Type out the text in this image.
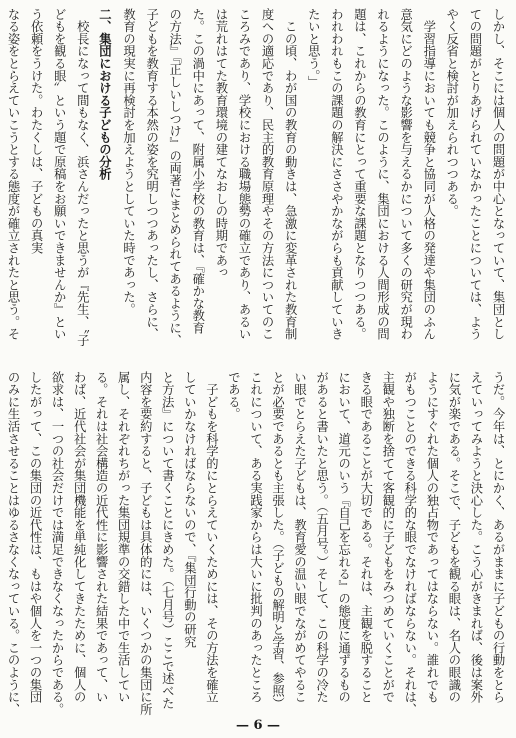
しかし、そこには個人の問題が中心となっていて、集団とし

ての問題がとりあげられていなかったことについては、よう

やく反省と検討が加えられつつある。

　学習指導においても競争と協同が人格の発達や集団のふん

意気にどのような影響を与えるかについて多くの研究が現わ

れるようになった。このように、集団における人間形成の問

題は、これからの教育にとって重要な課題となりつつある。

われわれもこの課題の解決にささやかながらも貢献していき

たいと思う。」

　この頃、わが国の教育の動きは、急激に変革された教育制

度への適応であり、民主的教育原理やその方法についてのこ

ころみであり、学校における職場態勢の確立であり、あるい

は荒れはてた教育環境の建てなおしの時期であっ

た。この渦中にあって、附属小学校の教育は、『確かな教育

の方法』『正しいしつけ』の両著にまとめられてあるように、

子どもを教育する本然の姿を究明しつつあったし、さらに、

教育の現実に再検討を加えようとしていた時であった。

二、集団における子どもの分析

　校長になって間もなく、浜さんだったと思うが『先生、〝子

どもを観る眼〟という題で原稿をお願いできませんか』とい

う依頼をうけた。わたくしは、子どもの真実

なる姿をとらえていこうとする態度が確立されたと思う。そ

うだ。今年は、とにかく、あるがままに子どもの行動をとら

えていってみようと決心した。こう心がきまれば、後は案外

に気が楽である。そこで、子どもを観る眼は、名人の眼識の

ようにすぐれた個人の独占物であってはならない。誰れでも

がもつことのできる科学的な眼でなければならない。それは、

主観や独断を捨てて客観的に子どもをみつめていくことがで

きる眼であることが大切である。それは、主観を脱すること

において、道元のいう『自己を忘れる』の態度に通ずるもの

があると書いたと思う。（五月号。）そして、この科学の冷た

い眼でとらえた子どもは、教育愛の温い眼でながめてやるこ

とが必要であるとも主張した。（子どもの解明と学習、参照）

これについて、ある実践家からは大いに批判のあったところ

である。

　子どもを科学的にとらえていくためには、その方法を確立

していかなければならないので、『集団行動の研究

と方法』について書くことにきめた。（七月号）ここで述べた

内容を要約すると、子どもは具体的には、いくつかの集団に所

属し、それぞれちがった集団規準の交錯した中で生活してい

る。それは社会構造の近代性に影響された結果であって、い

わば、近代社会が集団機能を単純化してきたために、個人の

欲求は、一つの社会だけでは満足できなくなったからである。

したがって、この集団の近代性は、もはや個人を一つの集団

のみに生活させることはゆるさなくなっている。このように、

— 6 —
